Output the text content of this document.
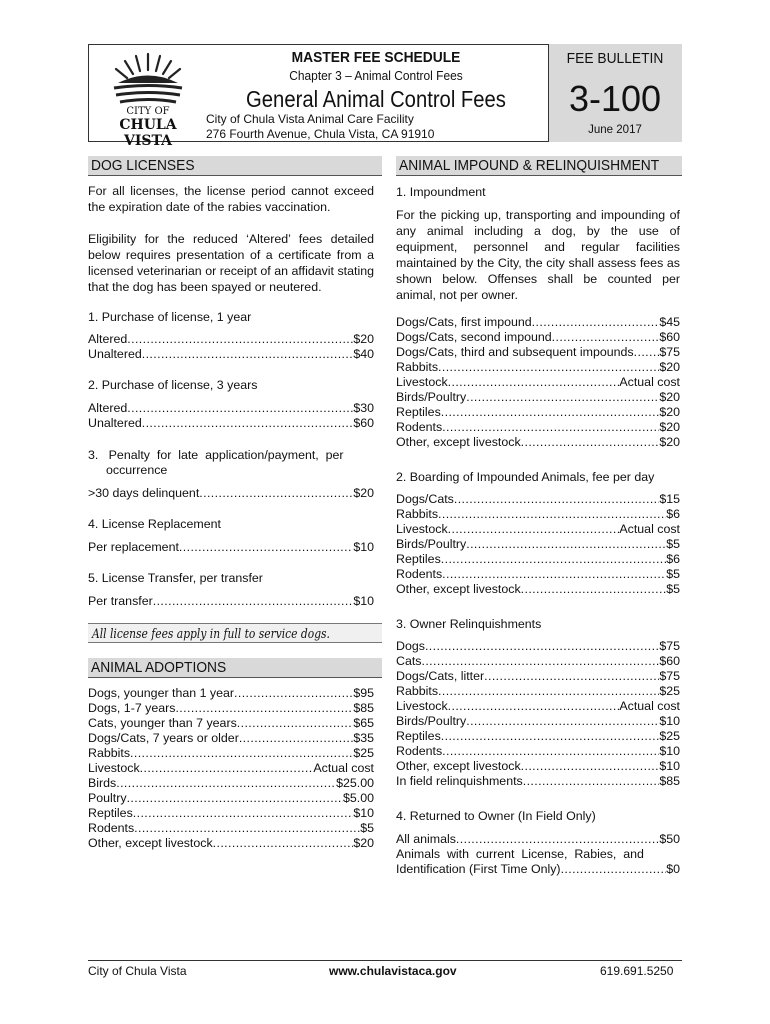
CITY OF
CHULA VISTA
MASTER FEE SCHEDULE
Chapter 3 – Animal Control Fees
General Animal Control Fees
City of Chula Vista Animal Care Facility
276 Fourth Avenue, Chula Vista, CA 91910
FEE BULLETIN
3-100
June 2017
DOG LICENSES
For all licenses, the license period cannot exceed the expiration date of the rabies vaccination.
Eligibility for the reduced ‘Altered’ fees detailed below requires presentation of a certificate from a licensed veterinarian or receipt of an affidavit stating that the dog has been spayed or neutered.
1. Purchase of license, 1 year
Altered .....	$20
Unaltered .....	$40
2. Purchase of license, 3 years
Altered .....	$30
Unaltered .....	$60
3.   Penalty  for  late  application/payment,  per
occurrence
>30 days delinquent .....	$20
4. License Replacement
Per replacement .....	$10
5. License Transfer, per transfer
Per transfer .....	$10
All license fees apply in full to service dogs.
ANIMAL ADOPTIONS
Dogs, younger than 1 year .....	$95
Dogs, 1-7 years .....	$85
Cats, younger than 7 years .....	$65
Dogs/Cats, 7 years or older .....	$35
Rabbits .....	$25
Livestock .....	Actual cost
Birds .....	$25.00
Poultry .....	$5.00
Reptiles .....	$10
Rodents .....	$5
Other, except livestock .....	$20
ANIMAL IMPOUND & RELINQUISHMENT
1. Impoundment
For the picking up, transporting and impounding of any animal including a dog, by the use of equipment, personnel and regular facilities maintained by the City, the city shall assess fees as shown below. Offenses shall be counted per animal, not per owner.
Dogs/Cats, first impound .....	$45
Dogs/Cats, second impound .....	$60
Dogs/Cats, third and subsequent impounds ..... $75
Rabbits .....	$20
Livestock .....	Actual cost
Birds/Poultry .....	$20
Reptiles .....	$20
Rodents .....	$20
Other, except livestock .....	$20
2. Boarding of Impounded Animals, fee per day
Dogs/Cats .....	$15
Rabbits .....	$6
Livestock .....	Actual cost
Birds/Poultry .....	$5
Reptiles .....	$6
Rodents .....	$5
Other, except livestock .....	$5
3. Owner Relinquishments
Dogs .....	$75
Cats .....	$60
Dogs/Cats, litter .....	$75
Rabbits .....	$25
Livestock .....	Actual cost
Birds/Poultry .....	$10
Reptiles .....	$25
Rodents .....	$10
Other, except livestock .....	$10
In field relinquishments .....	$85
4. Returned to Owner (In Field Only)
All animals .....	$50
Animals  with  current  License,  Rabies,  and
Identification (First Time Only) .....	$0
City of Chula Vista	www.chulavistaca.gov	619.691.5250
